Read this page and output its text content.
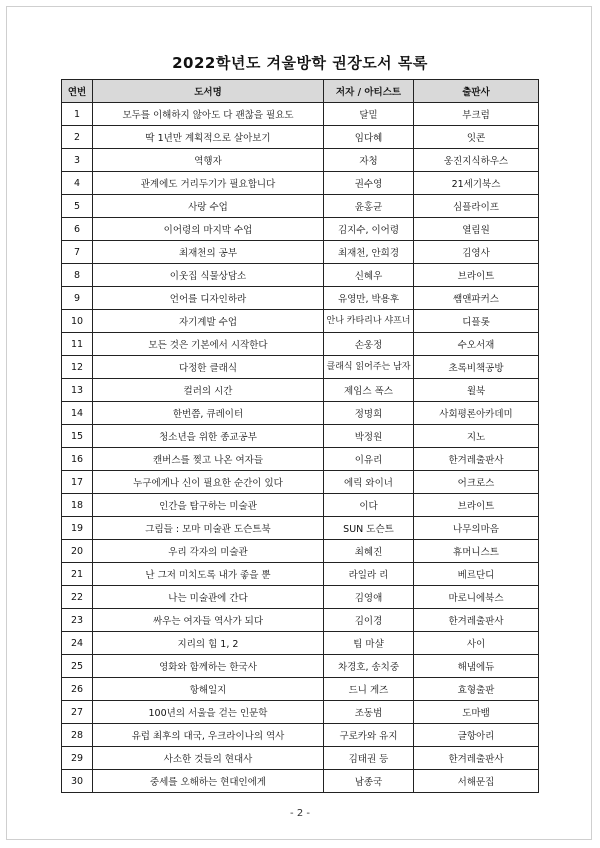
2022학년도 겨울방학 권장도서 목록
연번	도서명	저자 / 아티스트	출판사
1	모두를 이해하지 않아도 다 괜찮을 필요도	달밑	부크럼
2	딱 1년만 계획적으로 살아보기	임다혜	잇콘
3	역행자	자청	웅진지식하우스
4	관계에도 거리두기가 필요합니다	권수영	21세기북스
5	사랑 수업	윤홍균	심플라이프
6	이어령의 마지막 수업	김지수, 이어령	열림원
7	최재천의 공부	최재천, 안희경	김영사
8	이웃집 식물상담소	신혜우	브라이트
9	언어를 디자인하라	유영만, 박용후	쌤앤파커스
10	자기계발 수업	안나 카타리나 샤프너	디플롯
11	모든 것은 기본에서 시작한다	손웅정	수오서재
12	다정한 클래식	클래식 읽어주는 남자	초록비책공방
13	컬러의 시간	제임스 폭스	윌북
14	한번쯤, 큐레이터	정명희	사회평론아카데미
15	청소년을 위한 종교공부	박정원	지노
16	캔버스를 찢고 나온 여자들	이유리	한겨레출판사
17	누구에게나 신이 필요한 순간이 있다	에릭 와이너	어크로스
18	인간을 탐구하는 미술관	이다	브라이트
19	그림들 : 모마 미술관 도슨트북	SUN 도슨트	나무의마음
20	우리 각자의 미술관	최혜진	휴머니스트
21	난 그저 미치도록 내가 좋을 뿐	라일라 리	베르단디
22	나는 미술관에 간다	김영애	마로니에북스
23	싸우는 여자들 역사가 되다	김이경	한겨레출판사
24	지리의 힘 1, 2	팀 마샬	사이
25	영화와 함께하는 한국사	차경호, 송치중	해냄에듀
26	항해일지	드니 게즈	효형출판
27	100년의 서울을 걷는 인문학	조동범	도마뱀
28	유럽 최후의 대국, 우크라이나의 역사	구로카와 유지	글항아리
29	사소한 것들의 현대사	김태권 등	한겨레출판사
30	중세를 오해하는 현대인에게	남종국	서해문집
- 2 -
